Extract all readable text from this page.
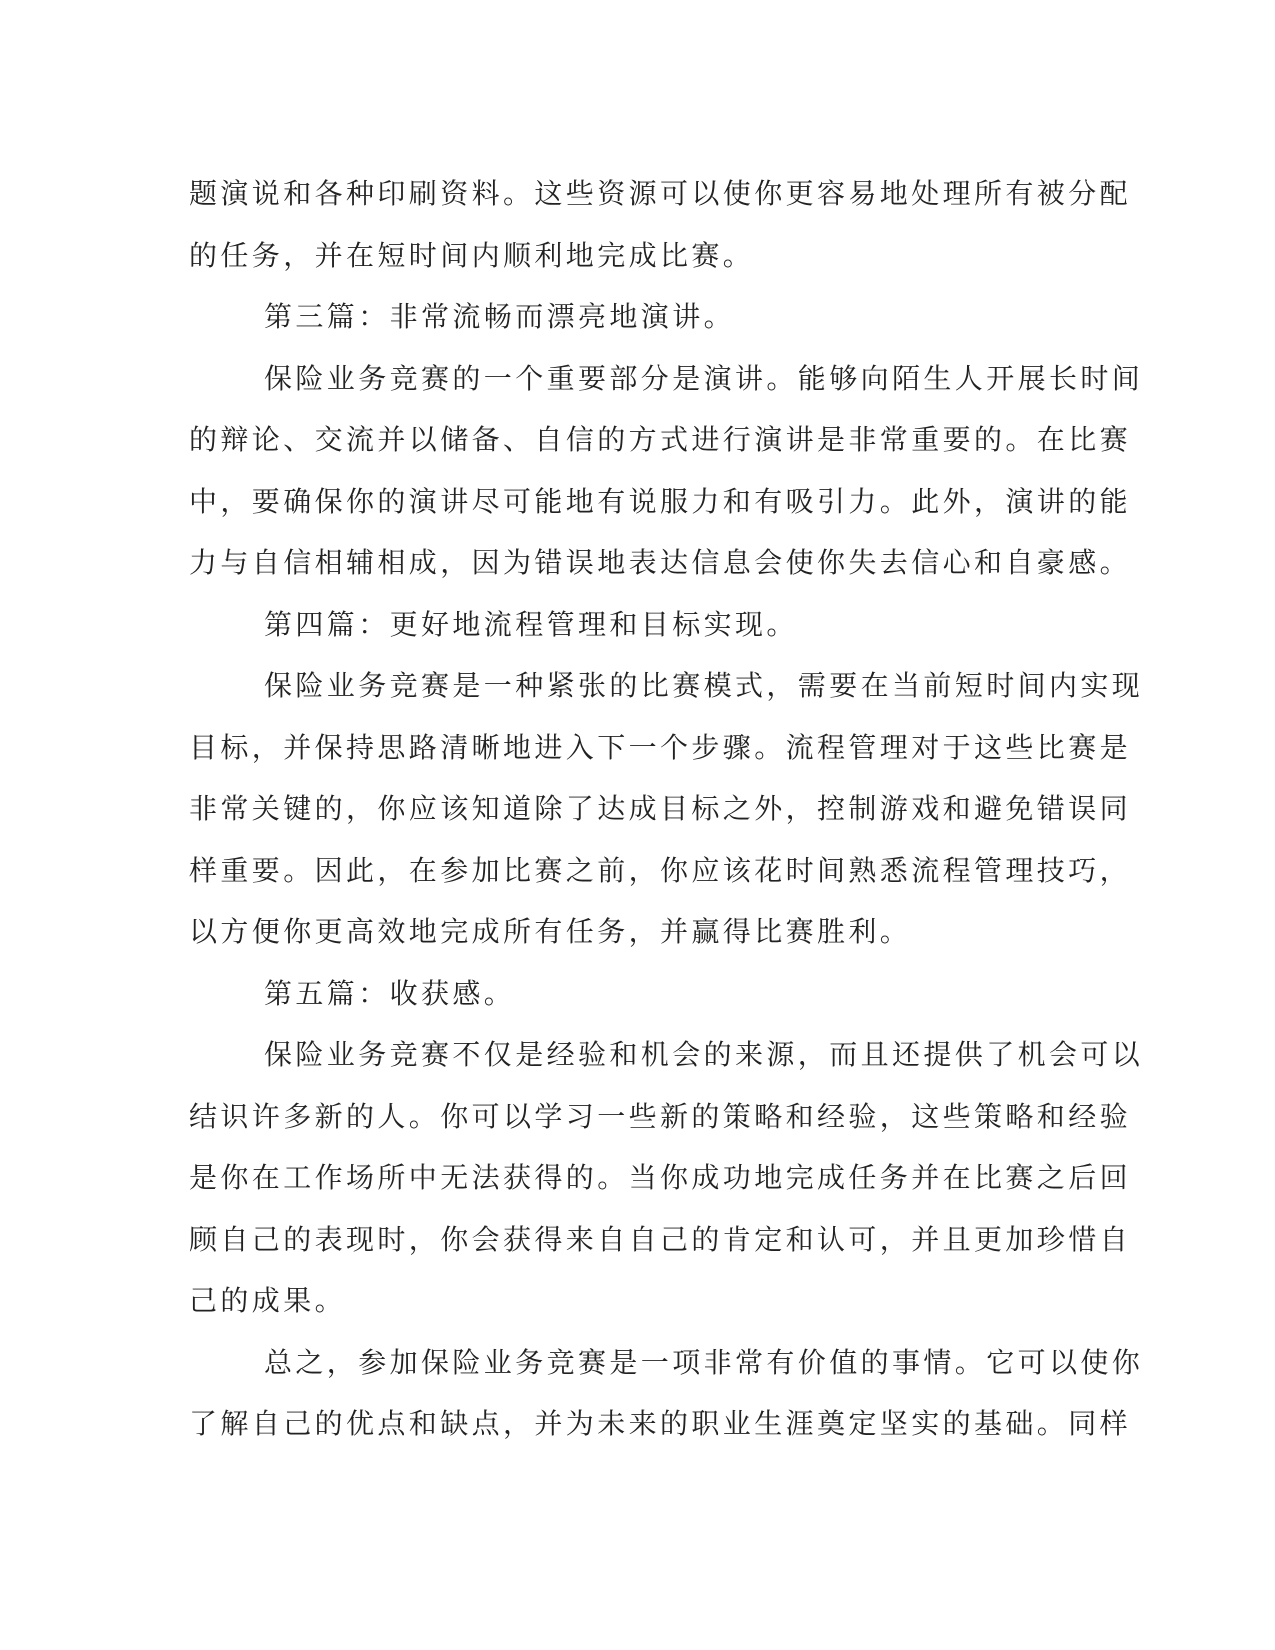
题演说和各种印刷资料。这些资源可以使你更容易地处理所有被分配
的任务，并在短时间内顺利地完成比赛。
第三篇：非常流畅而漂亮地演讲。
保险业务竞赛的一个重要部分是演讲。能够向陌生人开展长时间
的辩论、交流并以储备、自信的方式进行演讲是非常重要的。在比赛
中，要确保你的演讲尽可能地有说服力和有吸引力。此外，演讲的能
力与自信相辅相成，因为错误地表达信息会使你失去信心和自豪感。
第四篇：更好地流程管理和目标实现。
保险业务竞赛是一种紧张的比赛模式，需要在当前短时间内实现
目标，并保持思路清晰地进入下一个步骤。流程管理对于这些比赛是
非常关键的，你应该知道除了达成目标之外，控制游戏和避免错误同
样重要。因此，在参加比赛之前，你应该花时间熟悉流程管理技巧，
以方便你更高效地完成所有任务，并赢得比赛胜利。
第五篇：收获感。
保险业务竞赛不仅是经验和机会的来源，而且还提供了机会可以
结识许多新的人。你可以学习一些新的策略和经验，这些策略和经验
是你在工作场所中无法获得的。当你成功地完成任务并在比赛之后回
顾自己的表现时，你会获得来自自己的肯定和认可，并且更加珍惜自
己的成果。
总之，参加保险业务竞赛是一项非常有价值的事情。它可以使你
了解自己的优点和缺点，并为未来的职业生涯奠定坚实的基础。同样
